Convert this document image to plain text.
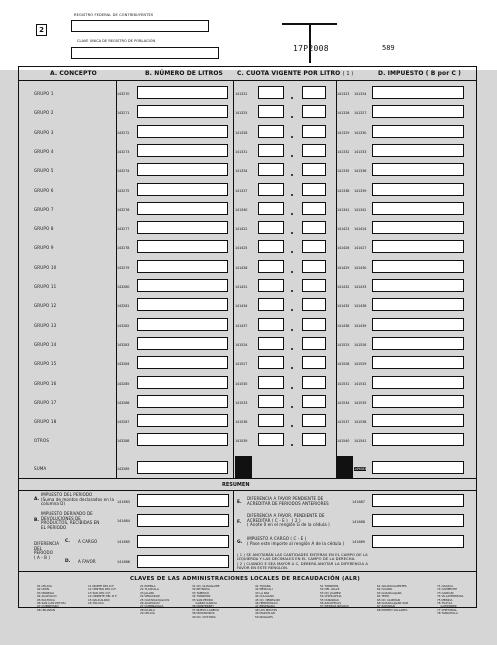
2
REGISTRO FEDERAL DE CONTRIBUYENTES
CLAVE ÚNICA DE REGISTRO DE POBLACIÓN
17P2008	589
A. CONCEPTO	B. NÚMERO DE LITROS C. CUOTA VIGENTE POR LITRO ( 1 )	D. IMPUESTO ( B por C )
GRUPO 1	143270	141322	141323 141324
GRUPO 2	143271	141325	141326 141327
GRUPO 3	143272	141328	141329 141330
GRUPO 4	143273	141331	141332 141333
GRUPO 5	143274	141334	141335 141336
GRUPO 6	143275	141337	141338 141339
GRUPO 7	143276	141340	141341 141342
GRUPO 8	143277	141422	141423 141424
GRUPO 9	143278	141425	141426 141427
GRUPO 10	143279	141428	141429 141430
GRUPO 11	143280	141431	141432 141433
GRUPO 12	143281	141434	141435 141436
GRUPO 13	143282	141437	141438 141439
GRUPO 14	143283	141524	141525 141526
GRUPO 15	143284	141527	141528 141529
GRUPO 16	143285	141530	141531 141532
GRUPO 17	143286	141533	141534 141535
GRUPO 18	143287	141536	141537 141538
OTROS	143288	141539	141540 141541
SUMA	143289	149083
RESUMEN
A.
IMPUESTO DEL PERIODO
(Suma de montos declarados en la
columna D)	141683
B.
IMPUESTO DERIVADO DE
DEVOLUCIONES DE
PRODUCTOS, RECIBIDAS EN
EL PERIODO
141684
DIFERENCIA
DEL
PERIODO
( A - B )
C. A CARGO	141685
D. A FAVOR	141686
E.
DIFERENCIA A FAVOR PENDIENTE DE
ACREDITAR DE PERIODOS ANTERIORES	141687
F.
DIFERENCIA A FAVOR, PENDIENTE DE
ACREDITAR ( C - E )   ( 2 )
( Anote 0 en el renglón G de la cédula )
141688
G.
IMPUESTO A CARGO ( C - E )
( Pase este importe al renglón A de la cédula ) 141689
( 1 ) SE ANOTARÁN LAS CANTIDADES ENTERAS EN EL CAMPO DE LA
IZQUIERDA Y LAS DECIMALES EN EL CAMPO DE LA DERECHA.
( 2 ) CUANDO E SEA MAYOR A C, DEBERÁ ANOTAR LA DIFERENCIA A
FAVOR EN ESTE RENGLÓN.
CLAVES DE LAS ADMINISTRACIONES LOCALES DE RECAUDACIÓN (ALR)
01 CELAYA
02 LEON
03 MORELIA
04 ACAPULCO
05 PACHUCA
06 SAN LUIS POTOSI
07 QUERETARO
08 URUAPAN
11 NORTE DEL D.F.
12 CENTRO DEL D.F.
13 SUR DEL D.F.
14 ORIENTE DEL D.F.
15 NAUCALPAN
16 TOLUCA
21 PUEBLA
22 TLAXCALA
23 JALAPA
24 VERACRUZ
25 COATZACOALCOS
26 ACAPULCO
27 CUERNAVACA
28 IGUALA
29 CELAYA
31 CD. GUADALUPE
32 REYNOSA
33 TAMPICO
34 TORREON
35 SAN PEDRO
GARZA GARCIA
36 MONTERREY
37 NUEVO LAREDO
38 MATAMOROS
39 CD. VICTORIA
41 TIJUANA
42 MEXICALI
43 LA PAZ
44 CULIACAN
45 CD. OBREGON
46 HERMOSILLO
47 ENSENADA
48 LOS MOCHIS
49 MAZATLAN
50 NOGALES
51 TORREON
52 DEL VALLE
53 CD. JUAREZ
54 CHIHUAHUA
55 DURANGO
56 ZACATECAS
57 PIEDRAS NEGRAS
61 AGUASCALIENTES
62 COLIMA
63 GUADALAJARA
64 TEPIC
65 CD. GUZMAN
66 GUADALAJARA SUR
67 ZAPOPAN
68 PUERTO VALLARTA
71 OAXACA
72 CAMPECHE
73 CANCUN
74 VILLAHERMOSA
75 MERIDA
76 TUXTLA
GUTIERREZ
77 CHETUMAL
78 TAPACHULA
